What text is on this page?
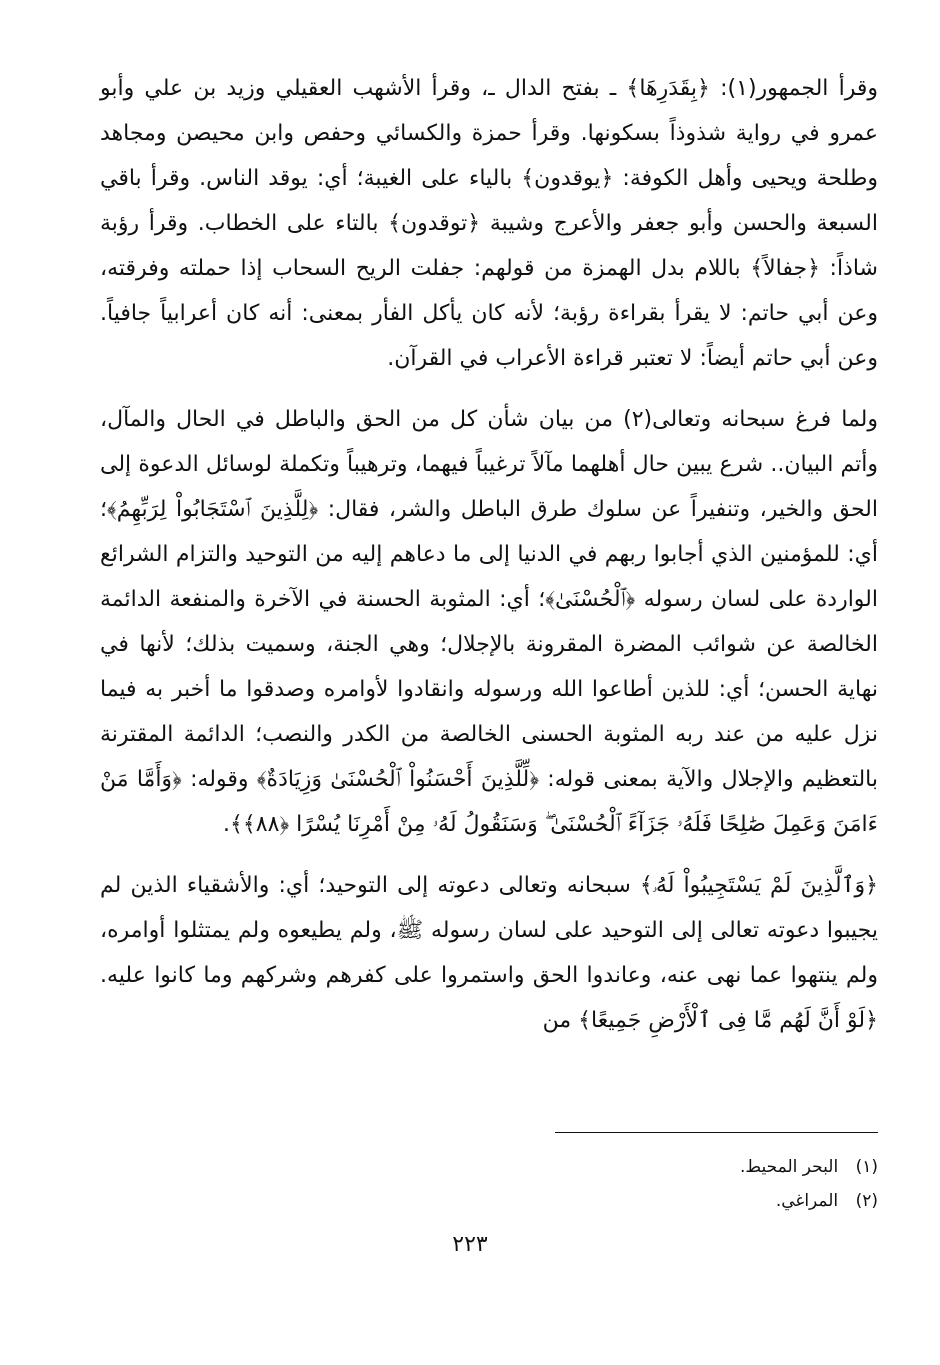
وقرأ الجمهور(١): ﴿بِقَدَرِهَا﴾ ـ بفتح الدال ـ، وقرأ الأشهب العقيلي وزيد بن علي وأبو عمرو في رواية شذوذاً بسكونها. وقرأ حمزة والكسائي وحفص وابن محيصن ومجاهد وطلحة ويحيى وأهل الكوفة: ﴿يوقدون﴾ بالياء على الغيبة؛ أي: يوقد الناس. وقرأ باقي السبعة والحسن وأبو جعفر والأعرج وشيبة ﴿توقدون﴾ بالتاء على الخطاب. وقرأ رؤبة شاذاً: ﴿جفالاً﴾ باللام بدل الهمزة من قولهم: جفلت الريح السحاب إذا حملته وفرقته، وعن أبي حاتم: لا يقرأ بقراءة رؤبة؛ لأنه كان يأكل الفأر بمعنى: أنه كان أعرابياً جافياً. وعن أبي حاتم أيضاً: لا تعتبر قراءة الأعراب في القرآن.

ولما فرغ سبحانه وتعالى(٢) من بيان شأن كل من الحق والباطل في الحال والمآل، وأتم البيان.. شرع يبين حال أهلهما مآلاً ترغيباً فيهما، وترهيباً وتكملة لوسائل الدعوة إلى الحق والخير، وتنفيراً عن سلوك طرق الباطل والشر، فقال: ﴿لِلَّذِينَ ٱسْتَجَابُواْ لِرَبِّهِمُ﴾؛ أي: للمؤمنين الذي أجابوا ربهم في الدنيا إلى ما دعاهم إليه من التوحيد والتزام الشرائع الواردة على لسان رسوله ﴿ٱلْحُسْنَىٰ﴾؛ أي: المثوبة الحسنة في الآخرة والمنفعة الدائمة الخالصة عن شوائب المضرة المقرونة بالإجلال؛ وهي الجنة، وسميت بذلك؛ لأنها في نهاية الحسن؛ أي: للذين أطاعوا الله ورسوله وانقادوا لأوامره وصدقوا ما أخبر به فيما نزل عليه من عند ربه المثوبة الحسنى الخالصة من الكدر والنصب؛ الدائمة المقترنة بالتعظيم والإجلال والآية بمعنى قوله: ﴿لِّلَّذِينَ أَحْسَنُواْ ٱلْحُسْنَىٰ وَزِيَادَةٌ﴾ وقوله: ﴿وَأَمَّا مَنْ ءَامَنَ وَعَمِلَ صَٰلِحًا فَلَهُۥ جَزَآءً ٱلْحُسْنَىٰ ۖ وَسَنَقُولُ لَهُۥ مِنْ أَمْرِنَا يُسْرًا ﴿٨٨﴾﴾.

﴿وَٱلَّذِينَ لَمْ يَسْتَجِيبُواْ لَهُۥ﴾ سبحانه وتعالى دعوته إلى التوحيد؛ أي: والأشقياء الذين لم يجيبوا دعوته تعالى إلى التوحيد على لسان رسوله ﷺ، ولم يطيعوه ولم يمتثلوا أوامره، ولم ينتهوا عما نهى عنه، وعاندوا الحق واستمروا على كفرهم وشركهم وما كانوا عليه. ﴿لَوْ أَنَّ لَهُم مَّا فِى ٱلْأَرْضِ جَمِيعًا﴾ من

(١) البحر المحيط.

(٢) المراغي.

٢٢٣
